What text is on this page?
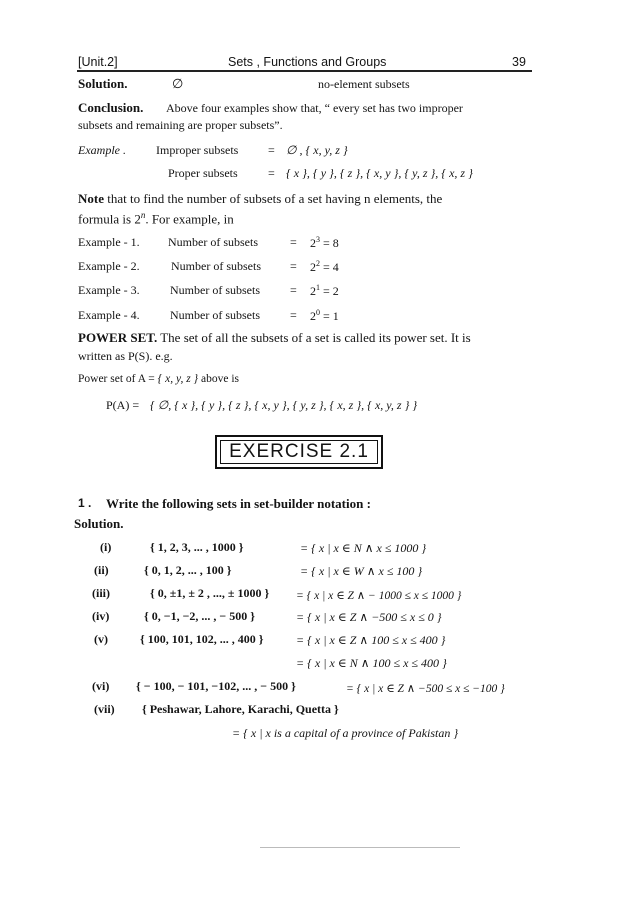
[Unit.2]	Sets , Functions and Groups	39
Solution.	∅	no-element subsets
Conclusion. Above four examples show that, “ every set has two improper
subsets and remaining are proper subsets”.
Example .	Improper subsets = ∅ , { x, y, z }
Proper subsets	= { x }, { y }, { z }, { x, y }, { y, z }, { x, z }
Note that to find the number of subsets of a set having n elements, the
formula is 2$^n$. For example, in
Example - 1. Number of subsets	= $2^3 = 8$
Example - 2.	Number of subsets = $2^2 = 4$
Example - 3.	Number of subsets	= $2^1 = 2$
Example - 4.	Number of subsets	= $2^0 = 1$
POWER SET. The set of all the subsets of a set is called its power set. It is
written as P(S). e.g.
Power set of A = { x, y, z } above is
P(A) = { ∅, { x }, { y }, { z }, { x, y }, { y, z }, { x, z }, { x, y, z } }
EXERCISE 2.1
1 . Write the following sets in set-builder notation :
Solution.
(i)	{ 1, 2, 3, ... , 1000 }	= { x | x ∈ N ∧ x ≤ 1000 }
(ii)	{ 0, 1, 2, ... , 100 }	= { x | x ∈ W ∧ x ≤ 100 }
(iii)	{ 0, ±1, ± 2 , ..., ± 1000 } = { x | x ∈ Z ∧ − 1000 ≤ x ≤ 1000 }
(iv)	{ 0, −1, −2, ... , − 500 }	= { x | x ∈ Z ∧ −500 ≤ x ≤ 0 }
(v)	{ 100, 101, 102, ... , 400 }	= { x | x ∈ Z ∧ 100 ≤ x ≤ 400 }
= { x | x ∈ N ∧ 100 ≤ x ≤ 400 }
(vi) { − 100, − 101, −102, ... , − 500 }	= { x | x ∈ Z ∧ −500 ≤ x ≤ −100 }
(vii) { Peshawar, Lahore, Karachi, Quetta }
= { x | x is a capital of a province of Pakistan }
